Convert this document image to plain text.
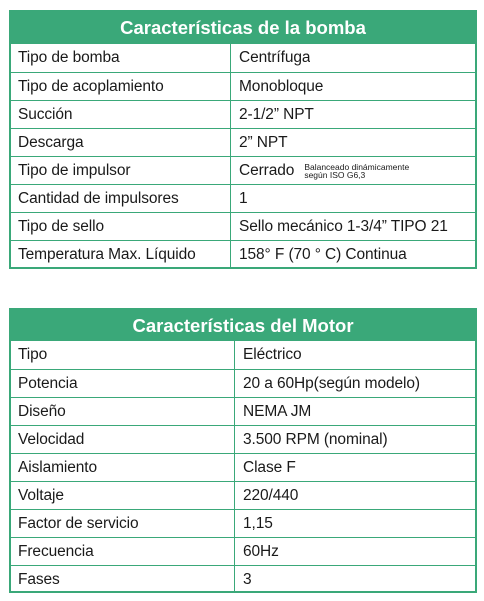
Características de la bomba
Tipo de bomba	Centrífuga
Tipo de acoplamiento	Monobloque
Succión	2-1/2” NPT
Descarga	2” NPT
Tipo de impulsor	Cerrado Balanceado dinámicamente
según ISO G6,3
Cantidad de impulsores	1
Tipo de sello	Sello mecánico 1-3/4” TIPO 21
Temperatura Max. Líquido	158° F (70 ° C) Continua
Características del Motor
Tipo	Eléctrico
Potencia	20 a 60Hp(según modelo)
Diseño	NEMA JM
Velocidad	3.500 RPM (nominal)
Aislamiento	Clase F
Voltaje	220/440
Factor de servicio	1,15
Frecuencia	60Hz
Fases	3
